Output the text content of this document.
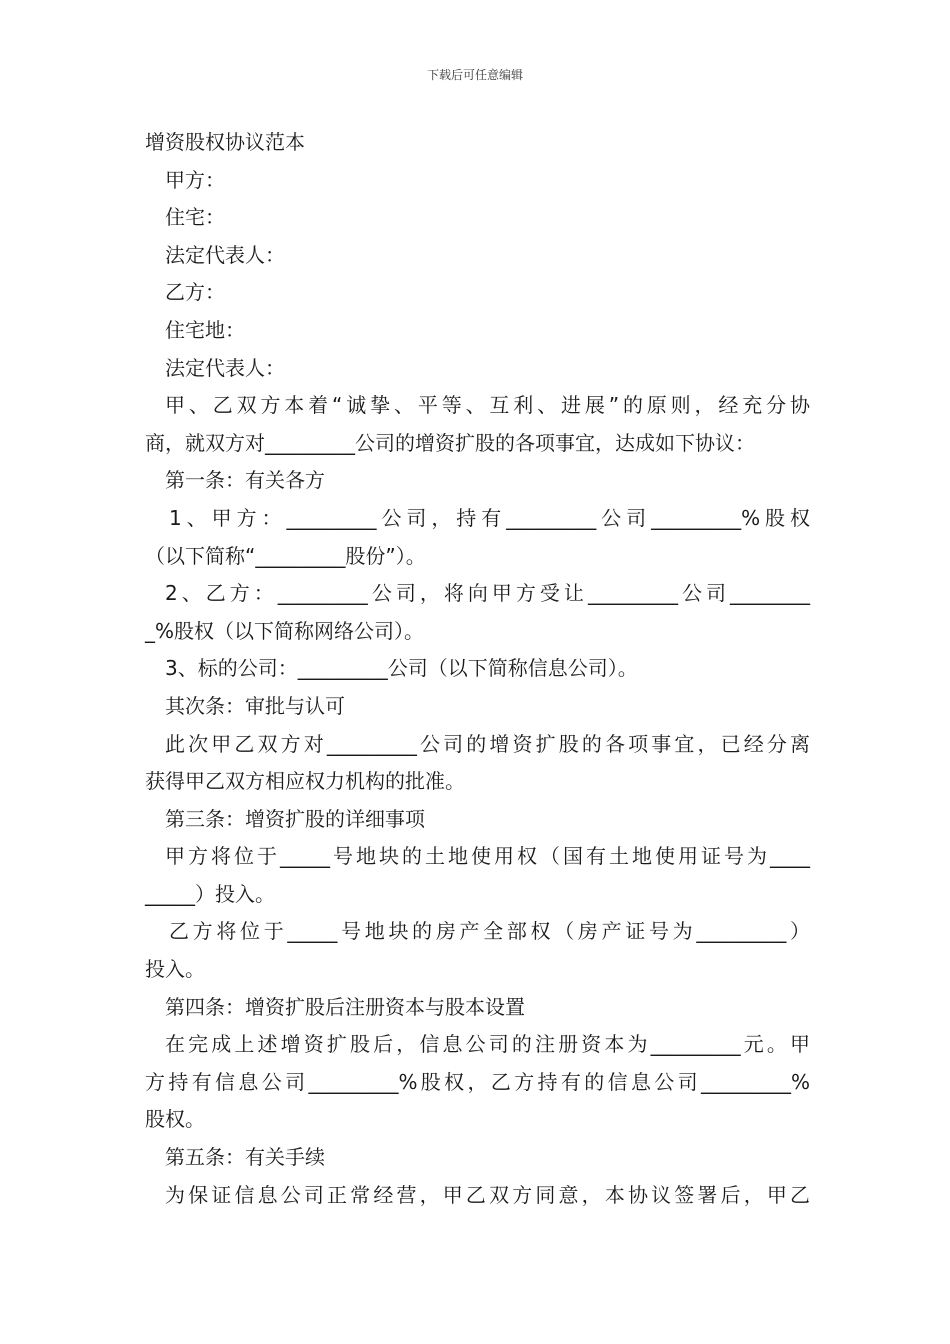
下载后可任意编辑
增资股权协议范本
甲方：
住宅：
法定代表人：
乙方：
住宅地：
法定代表人：
甲、乙双方本着“诚挚、平等、互利、进展”的原则，经充分协
商，就双方对_________公司的增资扩股的各项事宜，达成如下协议：
第一条：有关各方
1、甲方：_________公司，持有_________公司_________%股权
（以下简称“_________股份”）。
2、乙方：_________公司，将向甲方受让_________公司________
_%股权（以下简称网络公司）。
3、标的公司：_________公司（以下简称信息公司）。
其次条：审批与认可
此次甲乙双方对_________公司的增资扩股的各项事宜，已经分离
获得甲乙双方相应权力机构的批准。
第三条：增资扩股的详细事项
甲方将位于_____号地块的土地使用权（国有土地使用证号为____
_____）投入。
乙方将位于_____号地块的房产全部权（房产证号为_________）
投入。
第四条：增资扩股后注册资本与股本设置
在完成上述增资扩股后，信息公司的注册资本为_________元。甲
方持有信息公司_________%股权，乙方持有的信息公司_________%
股权。
第五条：有关手续
为保证信息公司正常经营，甲乙双方同意，本协议签署后，甲乙
